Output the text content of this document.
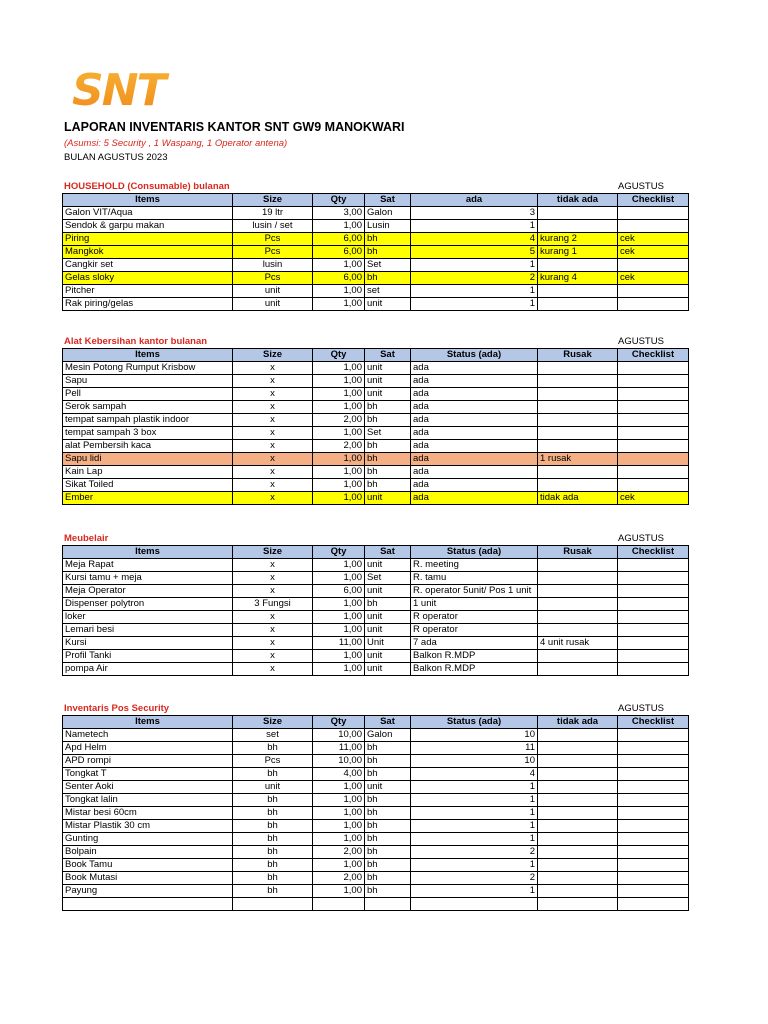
SNT
LAPORAN INVENTARIS KANTOR SNT GW9 MANOKWARI
(Asumsi: 5 Security , 1 Waspang, 1 Operator antena)
BULAN AGUSTUS 2023
HOUSEHOLD (Consumable) bulanan	AGUSTUS
Items	Size	Qty	Sat	ada	tidak ada	Checklist
Galon VIT/Aqua	19 ltr	3,00	Galon	3		
Sendok & garpu makan	lusin / set	1,00	Lusin	1		
Piring	Pcs	6,00	bh	4	kurang 2	cek
Mangkok	Pcs	6,00	bh	5	kurang 1	cek
Cangkir set	lusin	1,00	Set	1		
Gelas sloky	Pcs	6,00	bh	2	kurang 4	cek
Pitcher	unit	1,00	set	1		
Rak piring/gelas	unit	1,00	unit	1		
Alat Kebersihan kantor bulanan	AGUSTUS
Items	Size	Qty	Sat	Status (ada)	Rusak	Checklist
Mesin Potong Rumput Krisbow	x	1,00	unit	ada		
Sapu	x	1,00	unit	ada		
Pell	x	1,00	unit	ada		
Serok sampah	x	1,00	bh	ada		
tempat sampah plastik indoor	x	2,00	bh	ada		
tempat sampah 3 box	x	1,00	Set	ada		
alat Pembersih kaca	x	2,00	bh	ada		
Sapu lidi	x	1,00	bh	ada	1 rusak	
Kain Lap	x	1,00	bh	ada		
Sikat Toiled	x	1,00	bh	ada		
Ember	x	1,00	unit	ada	tidak ada	cek
Meubelair	AGUSTUS
Items	Size	Qty	Sat	Status (ada)	Rusak	Checklist
Meja Rapat	x	1,00	unit	R. meeting		
Kursi tamu + meja	x	1,00	Set	R. tamu		
Meja Operator	x	6,00	unit	R. operator 5unit/ Pos 1 unit		
Dispenser polytron	3 Fungsi	1,00	bh	1 unit		
loker	x	1,00	unit	R operator		
Lemari besi	x	1,00	unit	R operator		
Kursi	x	11,00	Unit	7 ada	4 unit rusak	
Profil Tanki	x	1,00	unit	Balkon R.MDP		
pompa Air	x	1,00	unit	Balkon R.MDP		
Inventaris Pos Security	AGUSTUS
Items	Size	Qty	Sat	Status (ada)	tidak ada	Checklist
Nametech	set	10,00	Galon	10		
Apd Helm	bh	11,00	bh	11		
APD rompi	Pcs	10,00	bh	10		
Tongkat T	bh	4,00	bh	4		
Senter Aoki	unit	1,00	unit	1		
Tongkat lalin	bh	1,00	bh	1		
Mistar besi 60cm	bh	1,00	bh	1		
Mistar Plastik 30 cm	bh	1,00	bh	1		
Gunting	bh	1,00	bh	1		
Bolpain	bh	2,00	bh	2		
Book Tamu	bh	1,00	bh	1		
Book Mutasi	bh	2,00	bh	2		
Payung	bh	1,00	bh	1		
